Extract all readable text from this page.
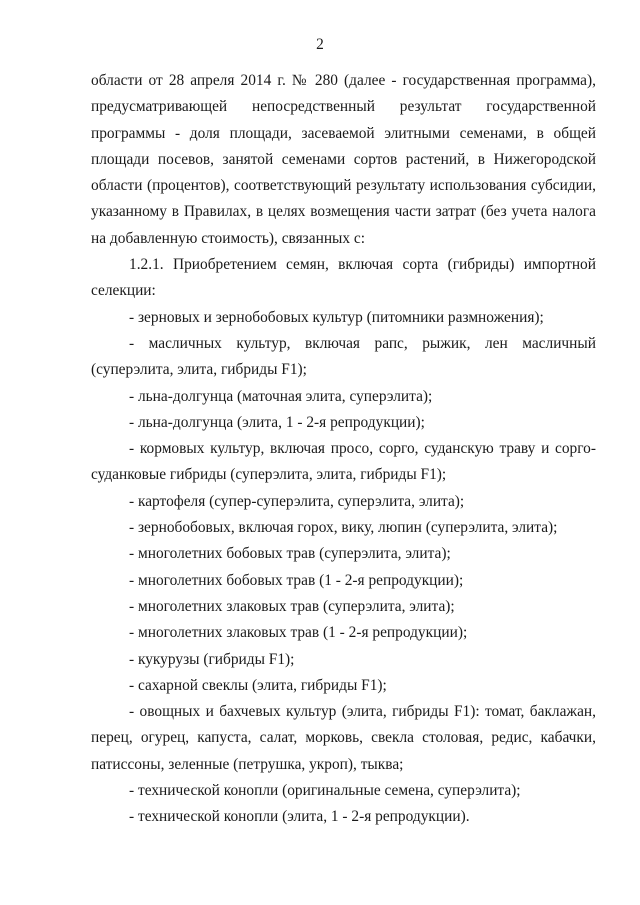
2

области от 28 апреля 2014 г. № 280 (далее - государственная программа), предусматривающей непосредственный результат государственной программы - доля площади, засеваемой элитными семенами, в общей площади посевов, занятой семенами сортов растений, в Нижегородской области (процентов), соответствующий результату использования субсидии, указанному в Правилах, в целях возмещения части затрат (без учета налога на добавленную стоимость), связанных с:

1.2.1. Приобретением семян, включая сорта (гибриды) импортной селекции:

- зерновых и зернобобовых культур (питомники размножения);

- масличных культур, включая рапс, рыжик, лен масличный (суперэлита, элита, гибриды F1);

- льна-долгунца (маточная элита, суперэлита);

- льна-долгунца (элита, 1 - 2-я репродукции);

- кормовых культур, включая просо, сорго, суданскую траву и сорго-суданковые гибриды (суперэлита, элита, гибриды F1);

- картофеля (супер-суперэлита, суперэлита, элита);

- зернобобовых, включая горох, вику, люпин (суперэлита, элита);

- многолетних бобовых трав (суперэлита, элита);

- многолетних бобовых трав (1 - 2-я репродукции);

- многолетних злаковых трав (суперэлита, элита);

- многолетних злаковых трав (1 - 2-я репродукции);

- кукурузы (гибриды F1);

- сахарной свеклы (элита, гибриды F1);

- овощных и бахчевых культур (элита, гибриды F1): томат, баклажан, перец, огурец, капуста, салат, морковь, свекла столовая, редис, кабачки, патиссоны, зеленные (петрушка, укроп), тыква;

- технической конопли (оригинальные семена, суперэлита);

- технической конопли (элита, 1 - 2-я репродукции).
